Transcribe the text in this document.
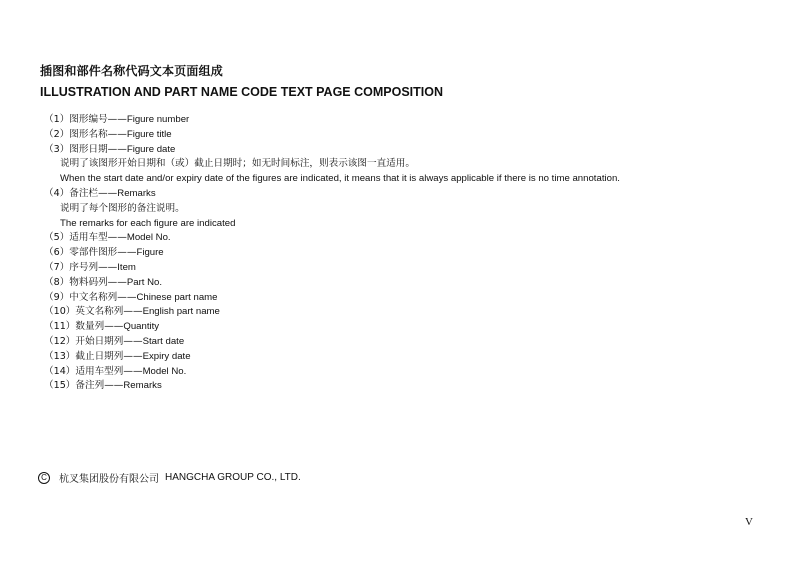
插图和部件名称代码文本页面组成
ILLUSTRATION AND PART NAME CODE TEXT PAGE COMPOSITION
（1）图形编号——Figure number
（2）图形名称——Figure title
（3）图形日期——Figure date
说明了该图形开始日期和（或）截止日期时；如无时间标注，则表示该图一直适用。
When the start date and/or expiry date of the figures are indicated, it means that it is always applicable if there is no time annotation.
（4）备注栏——Remarks
说明了每个图形的备注说明。
The remarks for each figure are indicated
（5）适用车型——Model No.
（6）零部件图形——Figure
（7）序号列——Item
（8）物料码列——Part No.
（9）中文名称列——Chinese part name
（10）英文名称列——English part name
（11）数量列——Quantity
（12）开始日期列——Start date
（13）截止日期列——Expiry date
（14）适用车型列——Model No.
（15）备注列——Remarks
C	杭叉集团股份有限公司 HANGCHA GROUP CO., LTD.
V
